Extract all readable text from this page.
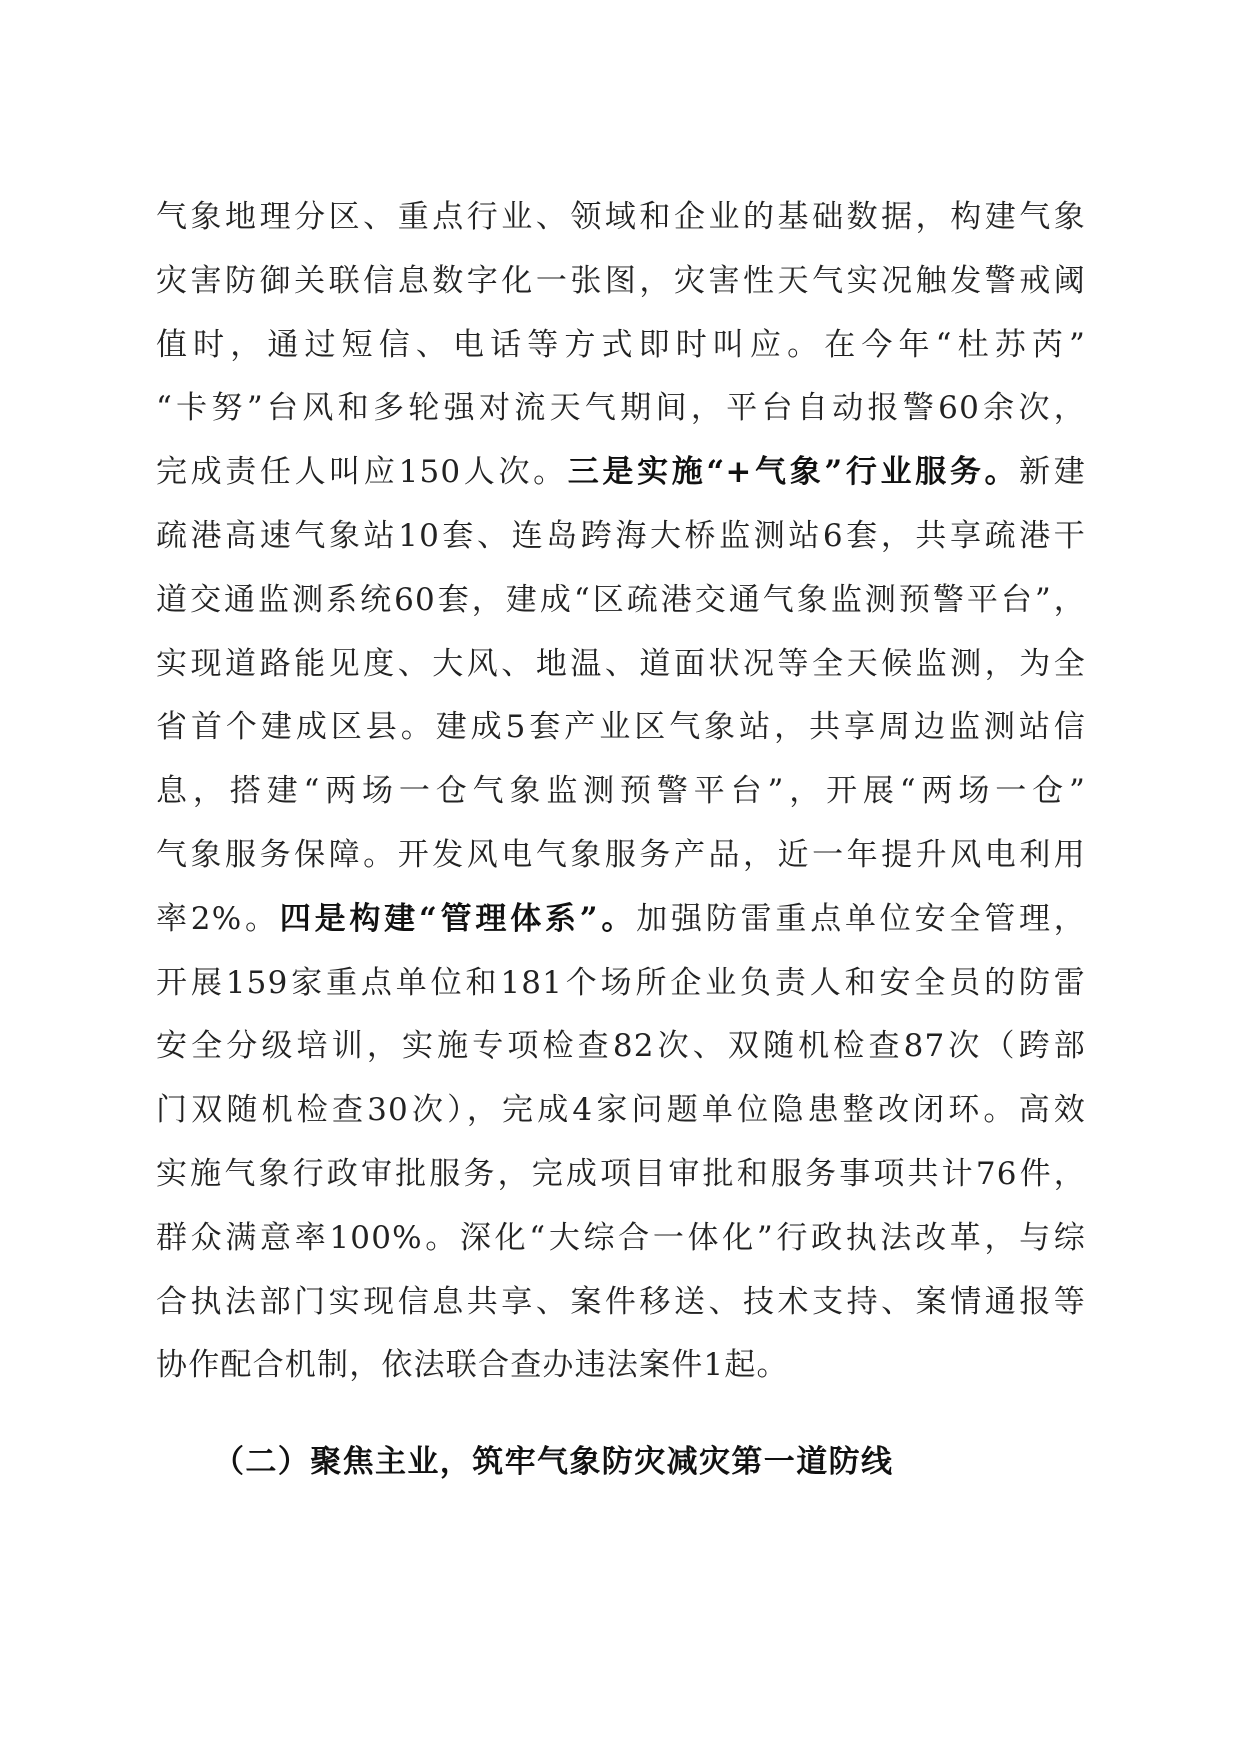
气象地理分区、重点行业、领域和企业的基础数据，构建气象
灾害防御关联信息数字化一张图，灾害性天气实况触发警戒阈
值时，通过短信、电话等方式即时叫应。在今年“杜苏芮”
“卡努”台风和多轮强对流天气期间，平台自动报警60余次，
完成责任人叫应150人次。三是实施“+气象”行业服务。新建
疏港高速气象站10套、连岛跨海大桥监测站6套，共享疏港干
道交通监测系统60套，建成“区疏港交通气象监测预警平台”，
实现道路能见度、大风、地温、道面状况等全天候监测，为全
省首个建成区县。建成5套产业区气象站，共享周边监测站信
息，搭建“两场一仓气象监测预警平台”，开展“两场一仓”
气象服务保障。开发风电气象服务产品，近一年提升风电利用
率2%。四是构建“管理体系”。加强防雷重点单位安全管理，
开展159家重点单位和181个场所企业负责人和安全员的防雷
安全分级培训，实施专项检查82次、双随机检查87次（跨部
门双随机检查30次），完成4家问题单位隐患整改闭环。高效
实施气象行政审批服务，完成项目审批和服务事项共计76件，
群众满意率100%。深化“大综合一体化”行政执法改革，与综
合执法部门实现信息共享、案件移送、技术支持、案情通报等
协作配合机制，依法联合查办违法案件1起。
（二）聚焦主业，筑牢气象防灾减灾第一道防线
